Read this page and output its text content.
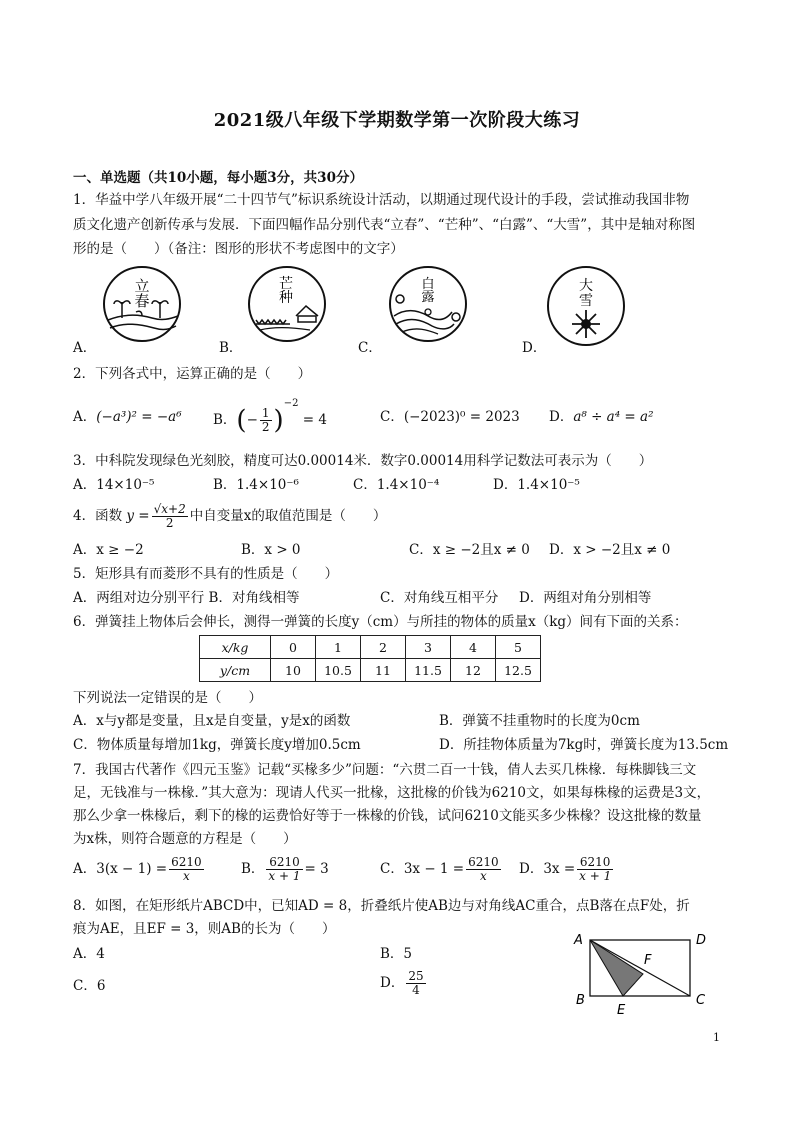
2021级八年级下学期数学第一次阶段大练习
一、单选题（共10小题，每小题3分，共30分）
1．华益中学八年级开展“二十四节气”标识系统设计活动，以期通过现代设计的手段，尝试推动我国非物
质文化遗产创新传承与发展．下面四幅作品分别代表“立春”、“芒种”、“白露”、“大雪”，其中是轴对称图
形的是（　　）（备注：图形的形状不考虑图中的文字）
立
春
芒
种
白
露
大
雪
A．	B．	C．	D．
2．下列各式中，运算正确的是（　　）
A．(−a³)² = −a⁶ B．(− $\frac{1}{2} )^{-2} = 4$	C．(−2023)⁰ = 2023 D．a⁸ ÷ a⁴ = a²
3．中科院发现绿色光刻胶，精度可达0.00014米．数字0.00014用科学记数法可表示为（　　）
A．14×10⁻⁵	B．1.4×10⁻⁶	C．1.4×10⁻⁴	D．1.4×10⁻⁵
4．函数 $y = \frac{√x+2}{2}$ 中自变量x的取值范围是（　　）
A．x ≥ −2	B．x > 0	C．x ≥ −2且x ≠ 0 D．x > −2且x ≠ 0
5．矩形具有而菱形不具有的性质是（　　）
A．两组对边分别平行 B．对角线相等	C．对角线互相平分 D．两组对角分别相等
6．弹簧挂上物体后会伸长，测得一弹簧的长度y（cm）与所挂的物体的质量x（kg）间有下面的关系：
x/kg	0	1	2	3	4	5
y/cm	10	10.5	11	11.5	12	12.5
下列说法一定错误的是（　　）
A．x与y都是变量，且x是自变量，y是x的函数	B．弹簧不挂重物时的长度为0cm
C．物体质量每增加1kg，弹簧长度y增加0.5cm	D．所挂物体质量为7kg时，弹簧长度为13.5cm
7．我国古代著作《四元玉鉴》记载“买椽多少”问题：“六贯二百一十钱，倩人去买几株椽．每株脚钱三文
足，无钱准与一株椽．”其大意为：现请人代买一批椽，这批椽的价钱为6210文，如果每株椽的运费是3文，
那么少拿一株椽后，剩下的椽的运费恰好等于一株椽的价钱，试问6210文能买多少株椽？设这批椽的数量
为x株，则符合题意的方程是（　　）
A．$3(x - 1) = \frac{6210}{x}$	B． $\frac{6210}{x + 1} = 3$	C．$3x - 1 = \frac{6210}{x}$ D．$3x = \frac{6210}{x + 1}$
8．如图，在矩形纸片ABCD中，已知AD = 8，折叠纸片使AB边与对角线AC重合，点B落在点F处，折
痕为AE，且EF = 3，则AB的长为（　　）
A．4	B．5
C．6	D． $\frac{25}{4}$
A	D
B	C
E
F
1
